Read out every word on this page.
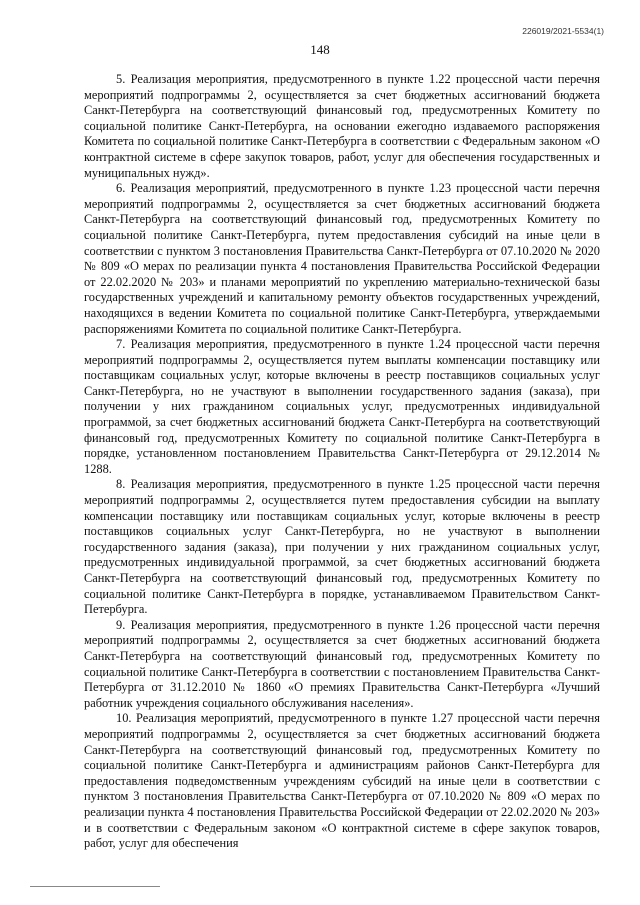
226019/2021-5534(1)
148

5. Реализация мероприятия, предусмотренного в пункте 1.22 процессной части перечня мероприятий подпрограммы 2, осуществляется за счет бюджетных ассигнований бюджета Санкт-Петербурга на соответствующий финансовый год, предусмотренных Комитету по социальной политике Санкт-Петербурга, на основании ежегодно издаваемого распоряжения Комитета по социальной политике Санкт-Петербурга в соответствии с Федеральным законом «О контрактной системе в сфере закупок товаров, работ, услуг для обеспечения государственных и муниципальных нужд».

6. Реализация мероприятий, предусмотренного в пункте 1.23 процессной части перечня мероприятий подпрограммы 2, осуществляется за счет бюджетных ассигнований бюджета Санкт-Петербурга на соответствующий финансовый год, предусмотренных Комитету по социальной политике Санкт-Петербурга, путем предоставления субсидий на иные цели в соответствии с пунктом 3 постановления Правительства Санкт-Петербурга от 07.10.2020 № 2020 № 809 «О мерах по реализации пункта 4 постановления Правительства Российской Федерации от 22.02.2020 № 203» и планами мероприятий по укреплению материально-технической базы государственных учреждений и капитальному ремонту объектов государственных учреждений, находящихся в ведении Комитета по социальной политике Санкт-Петербурга, утверждаемыми распоряжениями Комитета по социальной политике Санкт-Петербурга.

7. Реализация мероприятия, предусмотренного в пункте 1.24 процессной части перечня мероприятий подпрограммы 2, осуществляется путем выплаты компенсации поставщику или поставщикам социальных услуг, которые включены в реестр поставщиков социальных услуг Санкт-Петербурга, но не участвуют в выполнении государственного задания (заказа), при получении у них гражданином социальных услуг, предусмотренных индивидуальной программой, за счет бюджетных ассигнований бюджета Санкт-Петербурга на соответствующий финансовый год, предусмотренных Комитету по социальной политике Санкт-Петербурга в порядке, установленном постановлением Правительства Санкт-Петербурга от 29.12.2014 № 1288.

8. Реализация мероприятия, предусмотренного в пункте 1.25 процессной части перечня мероприятий подпрограммы 2, осуществляется путем предоставления субсидии на выплату компенсации поставщику или поставщикам социальных услуг, которые включены в реестр поставщиков социальных услуг Санкт-Петербурга, но не участвуют в выполнении государственного задания (заказа), при получении у них гражданином социальных услуг, предусмотренных индивидуальной программой, за счет бюджетных ассигнований бюджета Санкт-Петербурга на соответствующий финансовый год, предусмотренных Комитету по социальной политике Санкт-Петербурга в порядке, устанавливаемом Правительством Санкт-Петербурга.

9. Реализация мероприятия, предусмотренного в пункте 1.26 процессной части перечня мероприятий подпрограммы 2, осуществляется за счет бюджетных ассигнований бюджета Санкт-Петербурга на соответствующий финансовый год, предусмотренных Комитету по социальной политике Санкт-Петербурга в соответствии с постановлением Правительства Санкт-Петербурга от 31.12.2010 № 1860 «О премиях Правительства Санкт-Петербурга «Лучший работник учреждения социального обслуживания населения».

10. Реализация мероприятий, предусмотренного в пункте 1.27 процессной части перечня мероприятий подпрограммы 2, осуществляется за счет бюджетных ассигнований бюджета Санкт-Петербурга на соответствующий финансовый год, предусмотренных Комитету по социальной политике Санкт-Петербурга и администрациям районов Санкт-Петербурга для предоставления подведомственным учреждениям субсидий на иные цели в соответствии с пунктом 3 постановления Правительства Санкт-Петербурга от 07.10.2020 № 809 «О мерах по реализации пункта 4 постановления Правительства Российской Федерации от 22.02.2020 № 203» и в соответствии с Федеральным законом «О контрактной системе в сфере закупок товаров, работ, услуг для обеспечения
